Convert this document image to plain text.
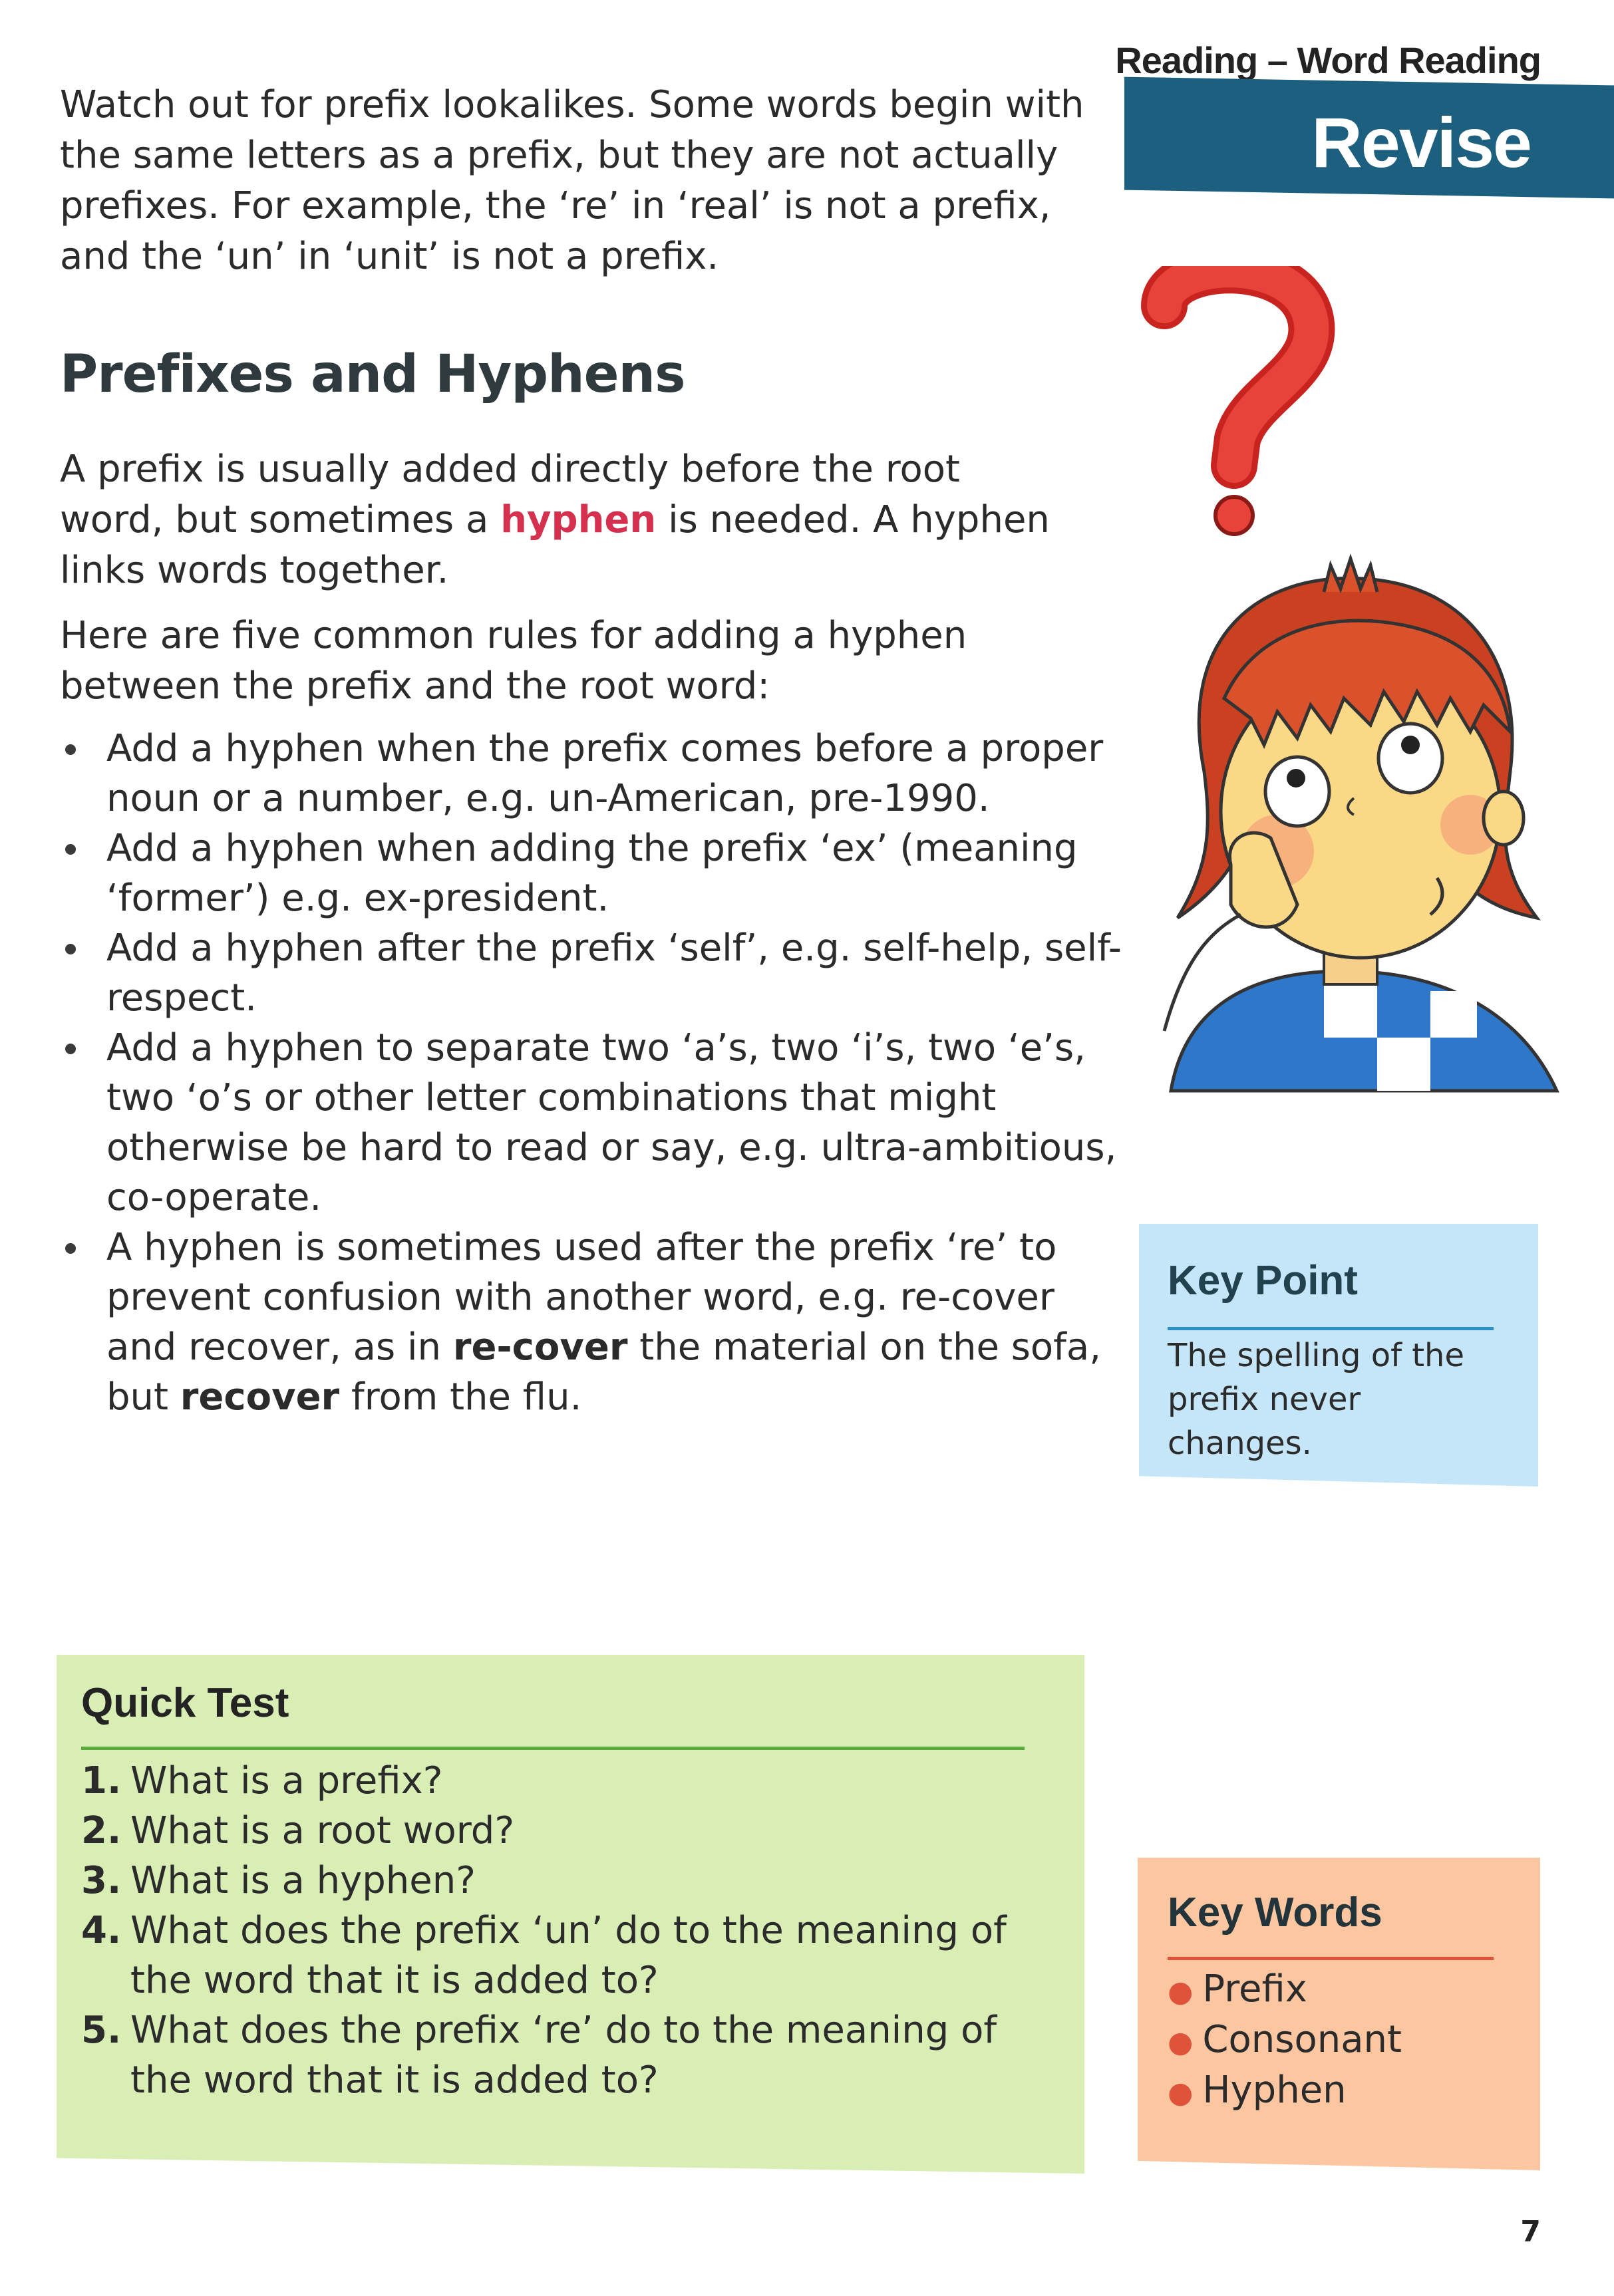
Reading – Word Reading
Revise

Watch out for prefix lookalikes. Some words begin with the same letters as a prefix, but they are not actually prefixes. For example, the ‘re’ in ‘real’ is not a prefix, and the ‘un’ in ‘unit’ is not a prefix.

Prefixes and Hyphens

A prefix is usually added directly before the root word, but sometimes a hyphen is needed. A hyphen links words together.

Here are five common rules for adding a hyphen between the prefix and the root word:

Add a hyphen when the prefix comes before a proper noun or a number, e.g. un-American, pre-1990.
Add a hyphen when adding the prefix ‘ex’ (meaning ‘former’) e.g. ex-president.
Add a hyphen after the prefix ‘self’, e.g. self-help, self-respect.
Add a hyphen to separate two ‘a’s, two ‘i’s, two ‘e’s, two ‘o’s or other letter combinations that might otherwise be hard to read or say, e.g. ultra-ambitious, co-operate.
A hyphen is sometimes used after the prefix ‘re’ to prevent confusion with another word, e.g. re-cover and recover, as in re-cover the material on the sofa, but recover from the flu.
Key Point
The spelling of the prefix never changes.
Quick Test
1. What is a prefix?
2. What is a root word?
3. What is a hyphen?
4. What does the prefix ‘un’ do to the meaning of the word that it is added to?
5. What does the prefix ‘re’ do to the meaning of the word that it is added to?
Key Words
● Prefix
● Consonant
● Hyphen
7
